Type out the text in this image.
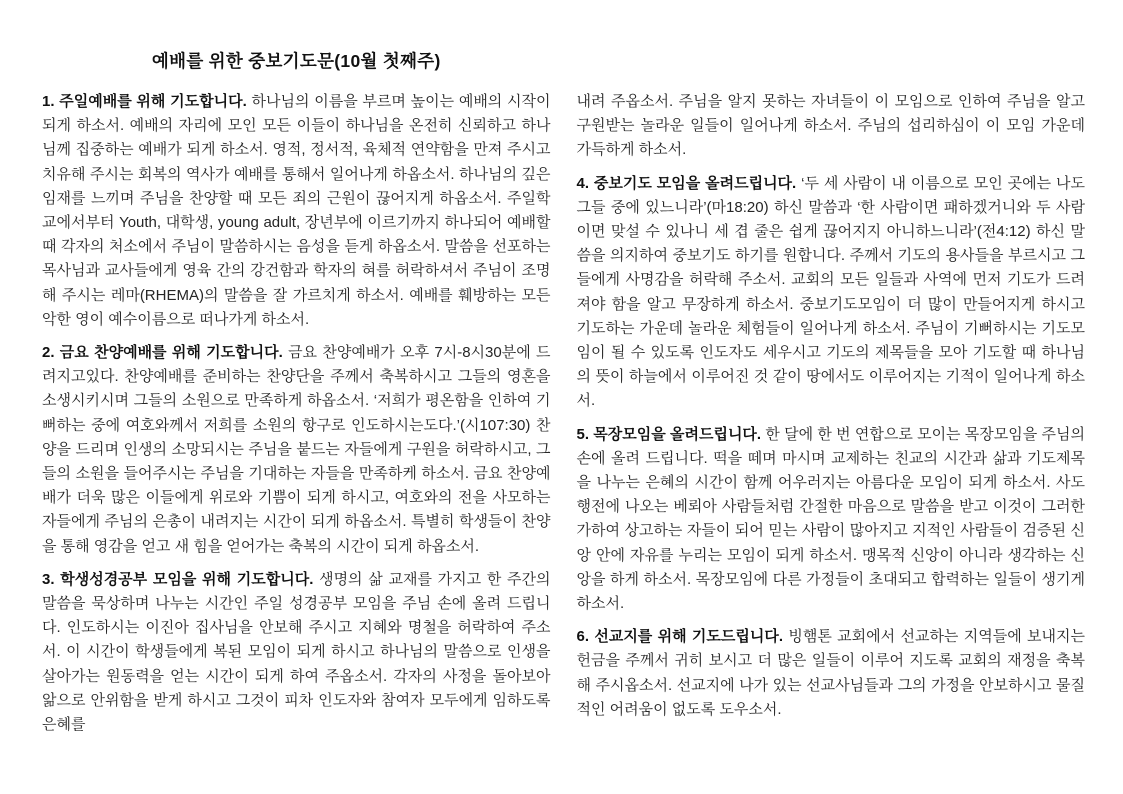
예배를 위한 중보기도문(10월 첫째주)

1. 주일예배를 위해 기도합니다. 하나님의 이름을 부르며 높이는 예배의 시작이 되게 하소서. 예배의 자리에 모인 모든 이들이 하나님을 온전히 신뢰하고 하나님께 집중하는 예배가 되게 하소서. 영적, 정서적, 육체적 연약함을 만져 주시고 치유해 주시는 회복의 역사가 예배를 통해서 일어나게 하옵소서. 하나님의 깊은 임재를 느끼며 주님을 찬양할 때 모든 죄의 근원이 끊어지게 하옵소서. 주일학교에서부터 Youth, 대학생, young adult, 장년부에 이르기까지 하나되어 예배할 때 각자의 처소에서 주님이 말씀하시는 음성을 듣게 하옵소서. 말씀을 선포하는 목사님과 교사들에게 영육 간의 강건함과 학자의 혀를 허락하셔서 주님이 조명해 주시는 레마(RHEMA)의 말씀을 잘 가르치게 하소서. 예배를 훼방하는 모든 악한 영이 예수이름으로 떠나가게 하소서.

2. 금요 찬양예배를 위해 기도합니다. 금요 찬양예배가 오후 7시-8시30분에 드려지고있다. 찬양예배를 준비하는 찬양단을 주께서 축복하시고 그들의 영혼을 소생시키시며 그들의 소원으로 만족하게 하옵소서. ‘저희가 평온함을 인하여 기뻐하는 중에 여호와께서 저희를 소원의 항구로 인도하시는도다.’(시107:30) 찬양을 드리며 인생의 소망되시는 주님을 붙드는 자들에게 구원을 허락하시고, 그들의 소원을 들어주시는 주님을 기대하는 자들을 만족하케 하소서. 금요 찬양예배가 더욱 많은 이들에게 위로와 기쁨이 되게 하시고, 여호와의 전을 사모하는 자들에게 주님의 은총이 내려지는 시간이 되게 하옵소서. 특별히 학생들이 찬양을 통해 영감을 얻고 새 힘을 얻어가는 축복의 시간이 되게 하옵소서.

3. 학생성경공부 모임을 위해 기도합니다. 생명의 삶 교재를 가지고 한 주간의 말씀을 묵상하며 나누는 시간인 주일 성경공부 모임을 주님 손에 올려 드립니다. 인도하시는 이진아 집사님을 안보해 주시고 지혜와 명철을 허락하여 주소서. 이 시간이 학생들에게 복된 모임이 되게 하시고 하나님의 말씀으로 인생을 살아가는 원동력을 얻는 시간이 되게 하여 주옵소서. 각자의 사정을 돌아보아 앎으로 안위함을 받게 하시고 그것이 피차 인도자와 참여자 모두에게 임하도록 은혜를

내려 주옵소서. 주님을 알지 못하는 자녀들이 이 모임으로 인하여 주님을 알고 구원받는 놀라운 일들이 일어나게 하소서. 주님의 섭리하심이 이 모임 가운데 가득하게 하소서.

4. 중보기도 모임을 올려드립니다. ‘두 세 사람이 내 이름으로 모인 곳에는 나도 그들 중에 있느니라’(마18:20) 하신 말씀과 ‘한 사람이면 패하겠거니와 두 사람이면 맞설 수 있나니 세 겹 줄은 쉽게 끊어지지 아니하느니라’(전4:12) 하신 말씀을 의지하여 중보기도 하기를 원합니다. 주께서 기도의 용사들을 부르시고 그들에게 사명감을 허락해 주소서. 교회의 모든 일들과 사역에 먼저 기도가 드려져야 함을 알고 무장하게 하소서. 중보기도모임이 더 많이 만들어지게 하시고 기도하는 가운데 놀라운 체험들이 일어나게 하소서. 주님이 기뻐하시는 기도모임이 될 수 있도록 인도자도 세우시고 기도의 제목들을 모아 기도할 때 하나님의 뜻이 하늘에서 이루어진 것 같이 땅에서도 이루어지는 기적이 일어나게 하소서.

5. 목장모임을 올려드립니다. 한 달에 한 번 연합으로 모이는 목장모임을 주님의 손에 올려 드립니다. 떡을 떼며 마시며 교제하는 친교의 시간과 삶과 기도제목을 나누는 은혜의 시간이 함께 어우러지는 아름다운 모임이 되게 하소서. 사도행전에 나오는 베뢰아 사람들처럼 간절한 마음으로 말씀을 받고 이것이 그러한가하여 상고하는 자들이 되어 믿는 사람이 많아지고 지적인 사람들이 검증된 신앙 안에 자유를 누리는 모임이 되게 하소서. 맹목적 신앙이 아니라 생각하는 신앙을 하게 하소서. 목장모임에 다른 가정들이 초대되고 합력하는 일들이 생기게 하소서.

6. 선교지를 위해 기도드립니다. 빙햄톤 교회에서 선교하는 지역들에 보내지는 헌금을 주께서 귀히 보시고 더 많은 일들이 이루어 지도록 교회의 재정을 축복해 주시옵소서. 선교지에 나가 있는 선교사님들과 그의 가정을 안보하시고 물질적인 어려움이 없도록 도우소서.
